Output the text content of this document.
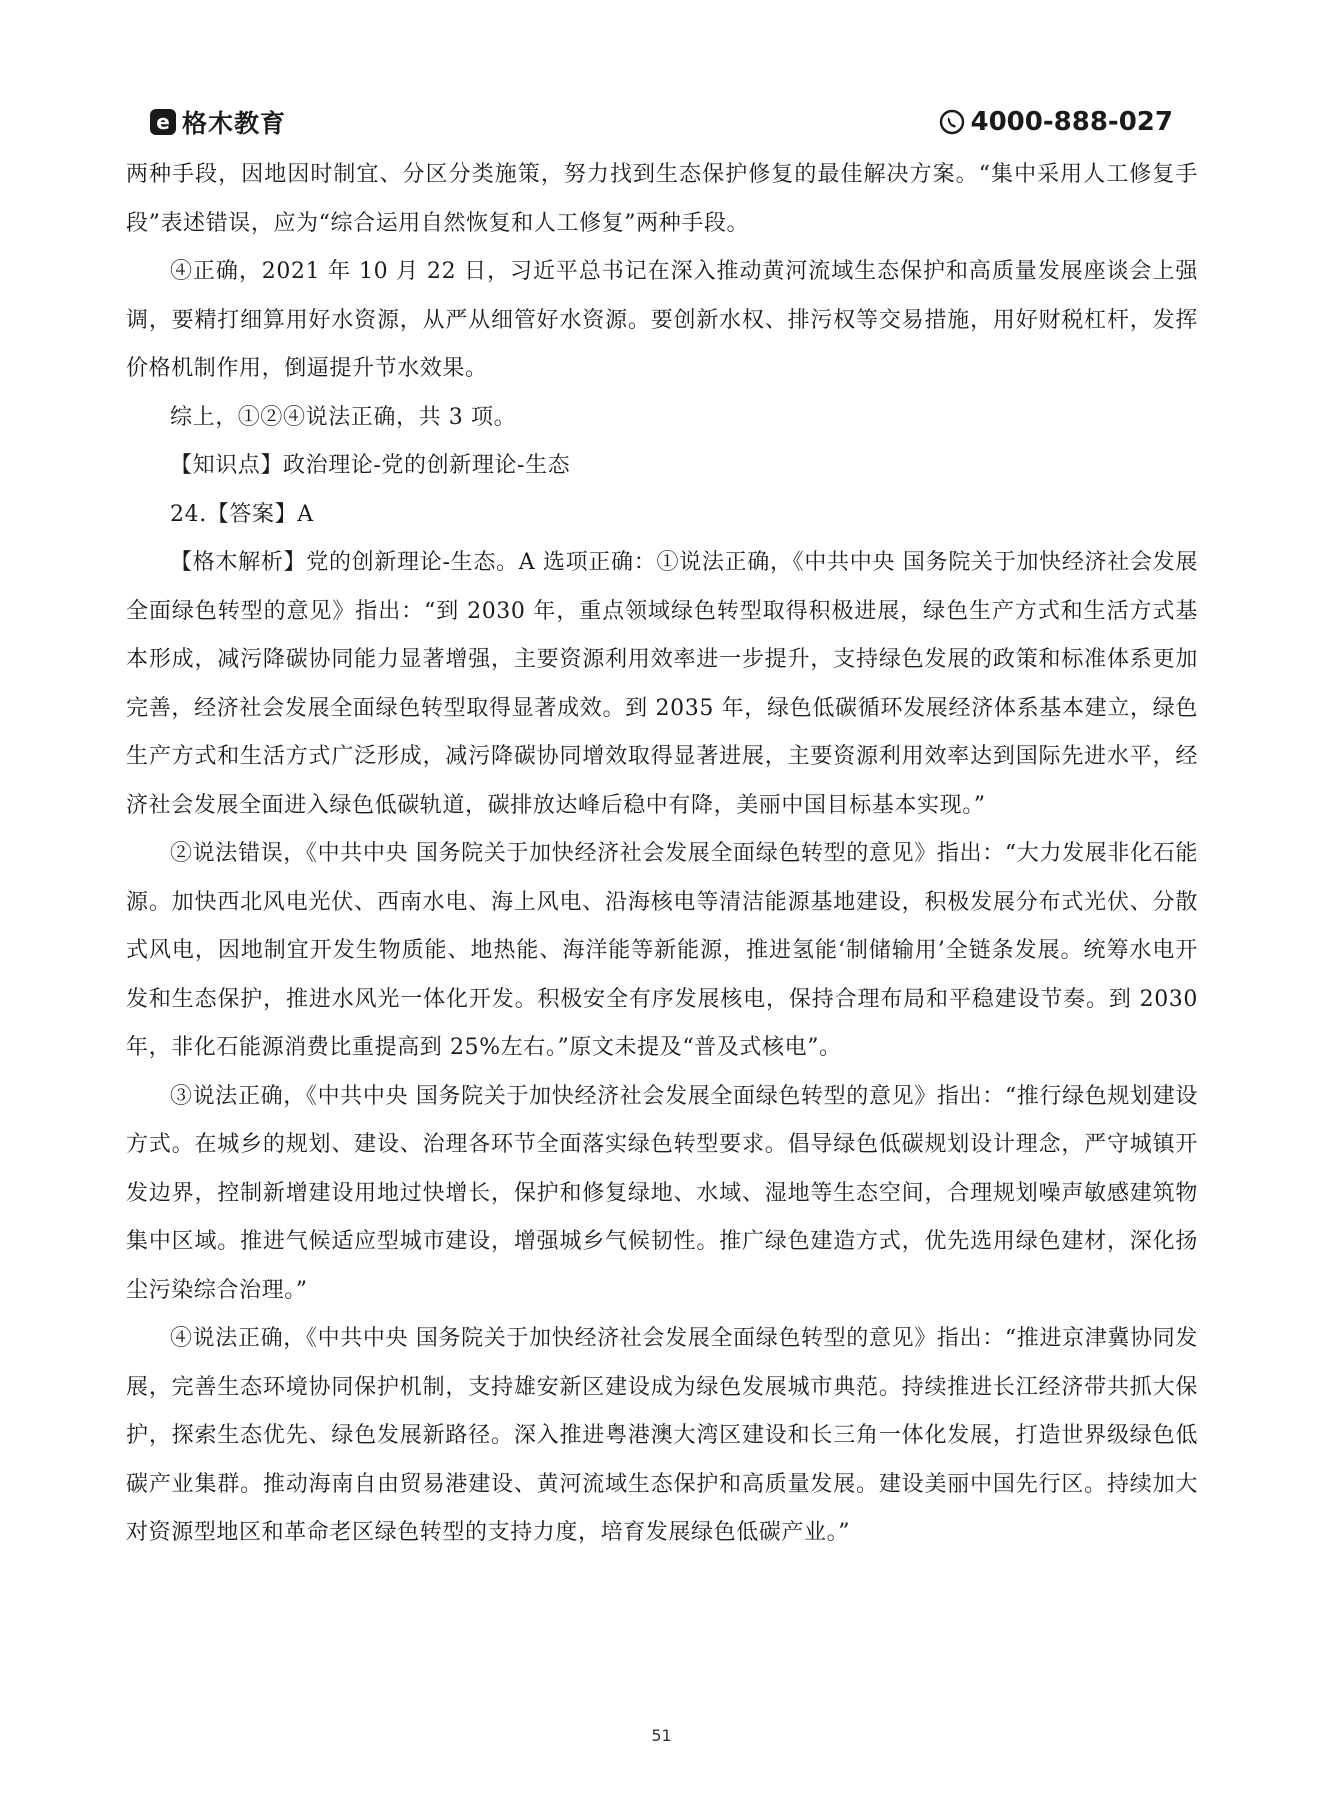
e 格木教育	4000-888-027

两种手段，因地因时制宜、分区分类施策，努力找到生态保护修复的最佳解决方案。“集中采用人工修复手段”表述错误，应为“综合运用自然恢复和人工修复”两种手段。

④正确，2021 年 10 月 22 日，习近平总书记在深入推动黄河流域生态保护和高质量发展座谈会上强调，要精打细算用好水资源，从严从细管好水资源。要创新水权、排污权等交易措施，用好财税杠杆，发挥价格机制作用，倒逼提升节水效果。

综上，①②④说法正确，共 3 项。

【知识点】政治理论-党的创新理论-生态

24.【答案】A

【格木解析】党的创新理论-生态。A 选项正确：①说法正确，《中共中央 国务院关于加快经济社会发展全面绿色转型的意见》指出：“到 2030 年，重点领域绿色转型取得积极进展，绿色生产方式和生活方式基本形成，减污降碳协同能力显著增强，主要资源利用效率进一步提升，支持绿色发展的政策和标准体系更加完善，经济社会发展全面绿色转型取得显著成效。到 2035 年，绿色低碳循环发展经济体系基本建立，绿色生产方式和生活方式广泛形成，减污降碳协同增效取得显著进展，主要资源利用效率达到国际先进水平，经济社会发展全面进入绿色低碳轨道，碳排放达峰后稳中有降，美丽中国目标基本实现。”

②说法错误，《中共中央 国务院关于加快经济社会发展全面绿色转型的意见》指出：“大力发展非化石能源。加快西北风电光伏、西南水电、海上风电、沿海核电等清洁能源基地建设，积极发展分布式光伏、分散式风电，因地制宜开发生物质能、地热能、海洋能等新能源，推进氢能‘制储输用’全链条发展。统筹水电开发和生态保护，推进水风光一体化开发。积极安全有序发展核电，保持合理布局和平稳建设节奏。到 2030 年，非化石能源消费比重提高到 25%左右。”原文未提及“普及式核电”。

③说法正确，《中共中央 国务院关于加快经济社会发展全面绿色转型的意见》指出：“推行绿色规划建设方式。在城乡的规划、建设、治理各环节全面落实绿色转型要求。倡导绿色低碳规划设计理念，严守城镇开发边界，控制新增建设用地过快增长，保护和修复绿地、水域、湿地等生态空间，合理规划噪声敏感建筑物集中区域。推进气候适应型城市建设，增强城乡气候韧性。推广绿色建造方式，优先选用绿色建材，深化扬尘污染综合治理。”

④说法正确，《中共中央 国务院关于加快经济社会发展全面绿色转型的意见》指出：“推进京津冀协同发展，完善生态环境协同保护机制，支持雄安新区建设成为绿色发展城市典范。持续推进长江经济带共抓大保护，探索生态优先、绿色发展新路径。深入推进粤港澳大湾区建设和长三角一体化发展，打造世界级绿色低碳产业集群。推动海南自由贸易港建设、黄河流域生态保护和高质量发展。建设美丽中国先行区。持续加大对资源型地区和革命老区绿色转型的支持力度，培育发展绿色低碳产业。”

51
